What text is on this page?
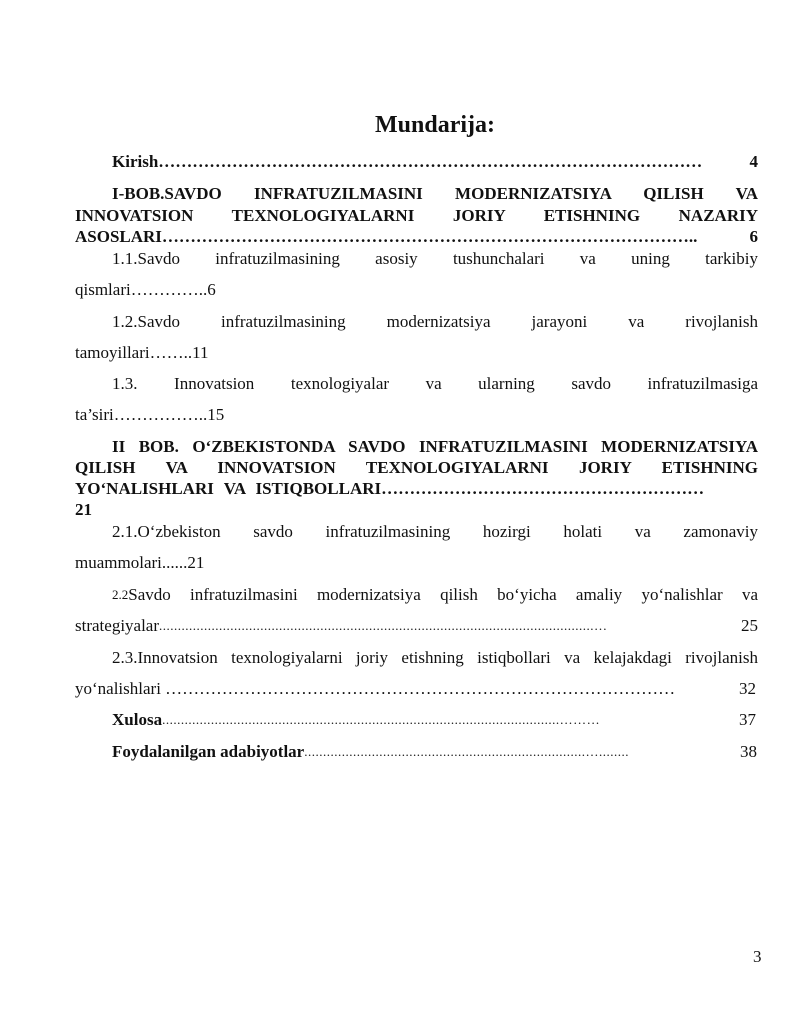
Mundarija:
Kirish ……………………………………………………………………………………	4
I-BOB.SAVDO INFRATUZILMASINI MODERNIZATSIYA QILISH VA
INNOVATSION TEXNOLOGIYALARNI JORIY ETISHNING NAZARIY
ASOSLARI …………………………………………………………………………………..	6
1.1.Savdo infratuzilmasining asosiy tushunchalari va uning tarkibiy
qismlari…………..6
1.2.Savdo infratuzilmasining modernizatsiya jarayoni va rivojlanish
tamoyillari……..11
1.3. Innovatsion texnologiyalar va ularning savdo infratuzilmasiga
ta’siri……………..15
II BOB. O‘ZBEKISTONDA SAVDO INFRATUZILMASINI MODERNIZATSIYA
QILISH VA INNOVATSION TEXNOLOGIYALARNI JORIY ETISHNING
YO‘NALISHLARI VA ISTIQBOLLARI …………………………………………………
21
2.1.O‘zbekiston savdo infratuzilmasining hozirgi holati va zamonaviy
muammolari......21
2.2 Savdo infratuzilmasini modernizatsiya qilish bo‘yicha amaliy yo‘nalishlar va
strategiyalar ....................................................................................................................…	25
2.3.Innovatsion texnologiyalarni joriy etishning istiqbollari va kelajakdagi rivojlanish
yo‘nalishlari ………………………………………………………………………………	32
Xulosa ..........................................................................................................………	37
Foydalanilgan adabiyotlar ...........................................................................…........	38
3
